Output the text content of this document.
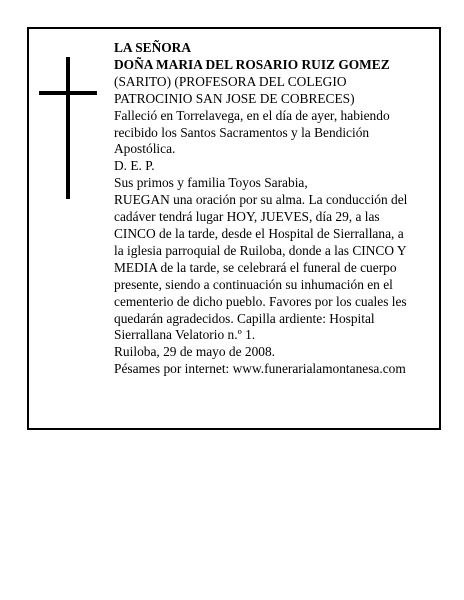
LA SEÑORA
DOÑA MARIA DEL ROSARIO RUIZ GOMEZ
(SARITO) (PROFESORA DEL COLEGIO
PATROCINIO SAN JOSE DE COBRECES)
Falleció en Torrelavega, en el día de ayer, habiendo
recibido los Santos Sacramentos y la Bendición
Apostólica.
D. E. P.
Sus primos y familia Toyos Sarabia,
RUEGAN una oración por su alma. La conducción del
cadáver tendrá lugar HOY, JUEVES, día 29, a las
CINCO de la tarde, desde el Hospital de Sierrallana, a
la iglesia parroquial de Ruiloba, donde a las CINCO Y
MEDIA de la tarde, se celebrará el funeral de cuerpo
presente, siendo a continuación su inhumación en el
cementerio de dicho pueblo. Favores por los cuales les
quedarán agradecidos. Capilla ardiente: Hospital
Sierrallana Velatorio n.º 1.
Ruiloba, 29 de mayo de 2008.
Pésames por internet: www.funerarialamontanesa.com
